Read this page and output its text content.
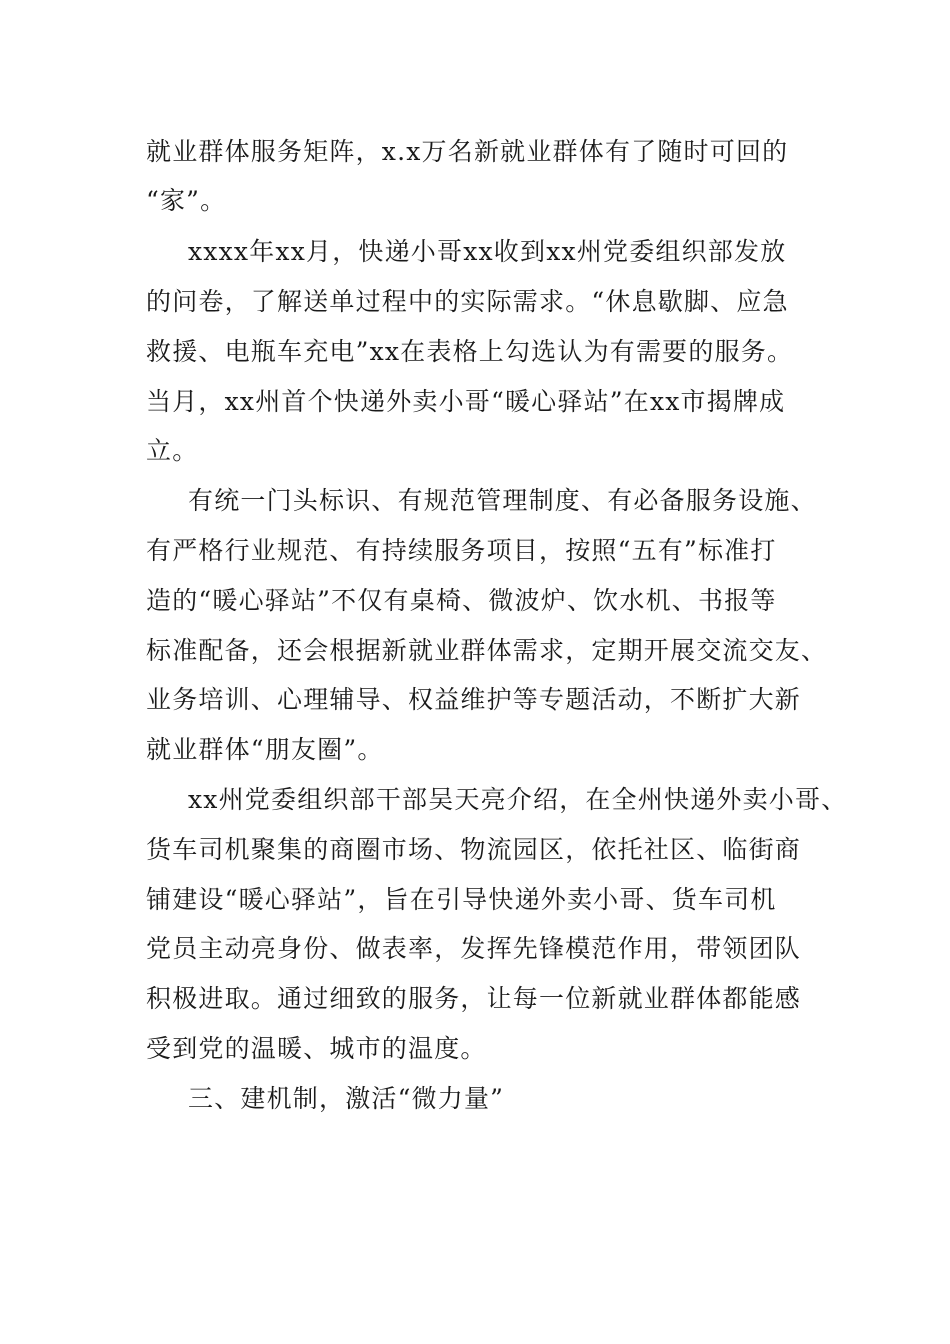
就业群体服务矩阵，x.x万名新就业群体有了随时可回的
“家”。
xxxx年xx月，快递小哥xx收到xx州党委组织部发放
的问卷，了解送单过程中的实际需求。“休息歇脚、应急
救援、电瓶车充电”xx在表格上勾选认为有需要的服务。
当月，xx州首个快递外卖小哥“暖心驿站”在xx市揭牌成
立。
有统一门头标识、有规范管理制度、有必备服务设施、
有严格行业规范、有持续服务项目，按照“五有”标准打
造的“暖心驿站”不仅有桌椅、微波炉、饮水机、书报等
标准配备，还会根据新就业群体需求，定期开展交流交友、
业务培训、心理辅导、权益维护等专题活动，不断扩大新
就业群体“朋友圈”。
xx州党委组织部干部吴天亮介绍，在全州快递外卖小哥、
货车司机聚集的商圈市场、物流园区，依托社区、临街商
铺建设“暖心驿站”，旨在引导快递外卖小哥、货车司机
党员主动亮身份、做表率，发挥先锋模范作用，带领团队
积极进取。通过细致的服务，让每一位新就业群体都能感
受到党的温暖、城市的温度。
三、建机制，激活“微力量”
